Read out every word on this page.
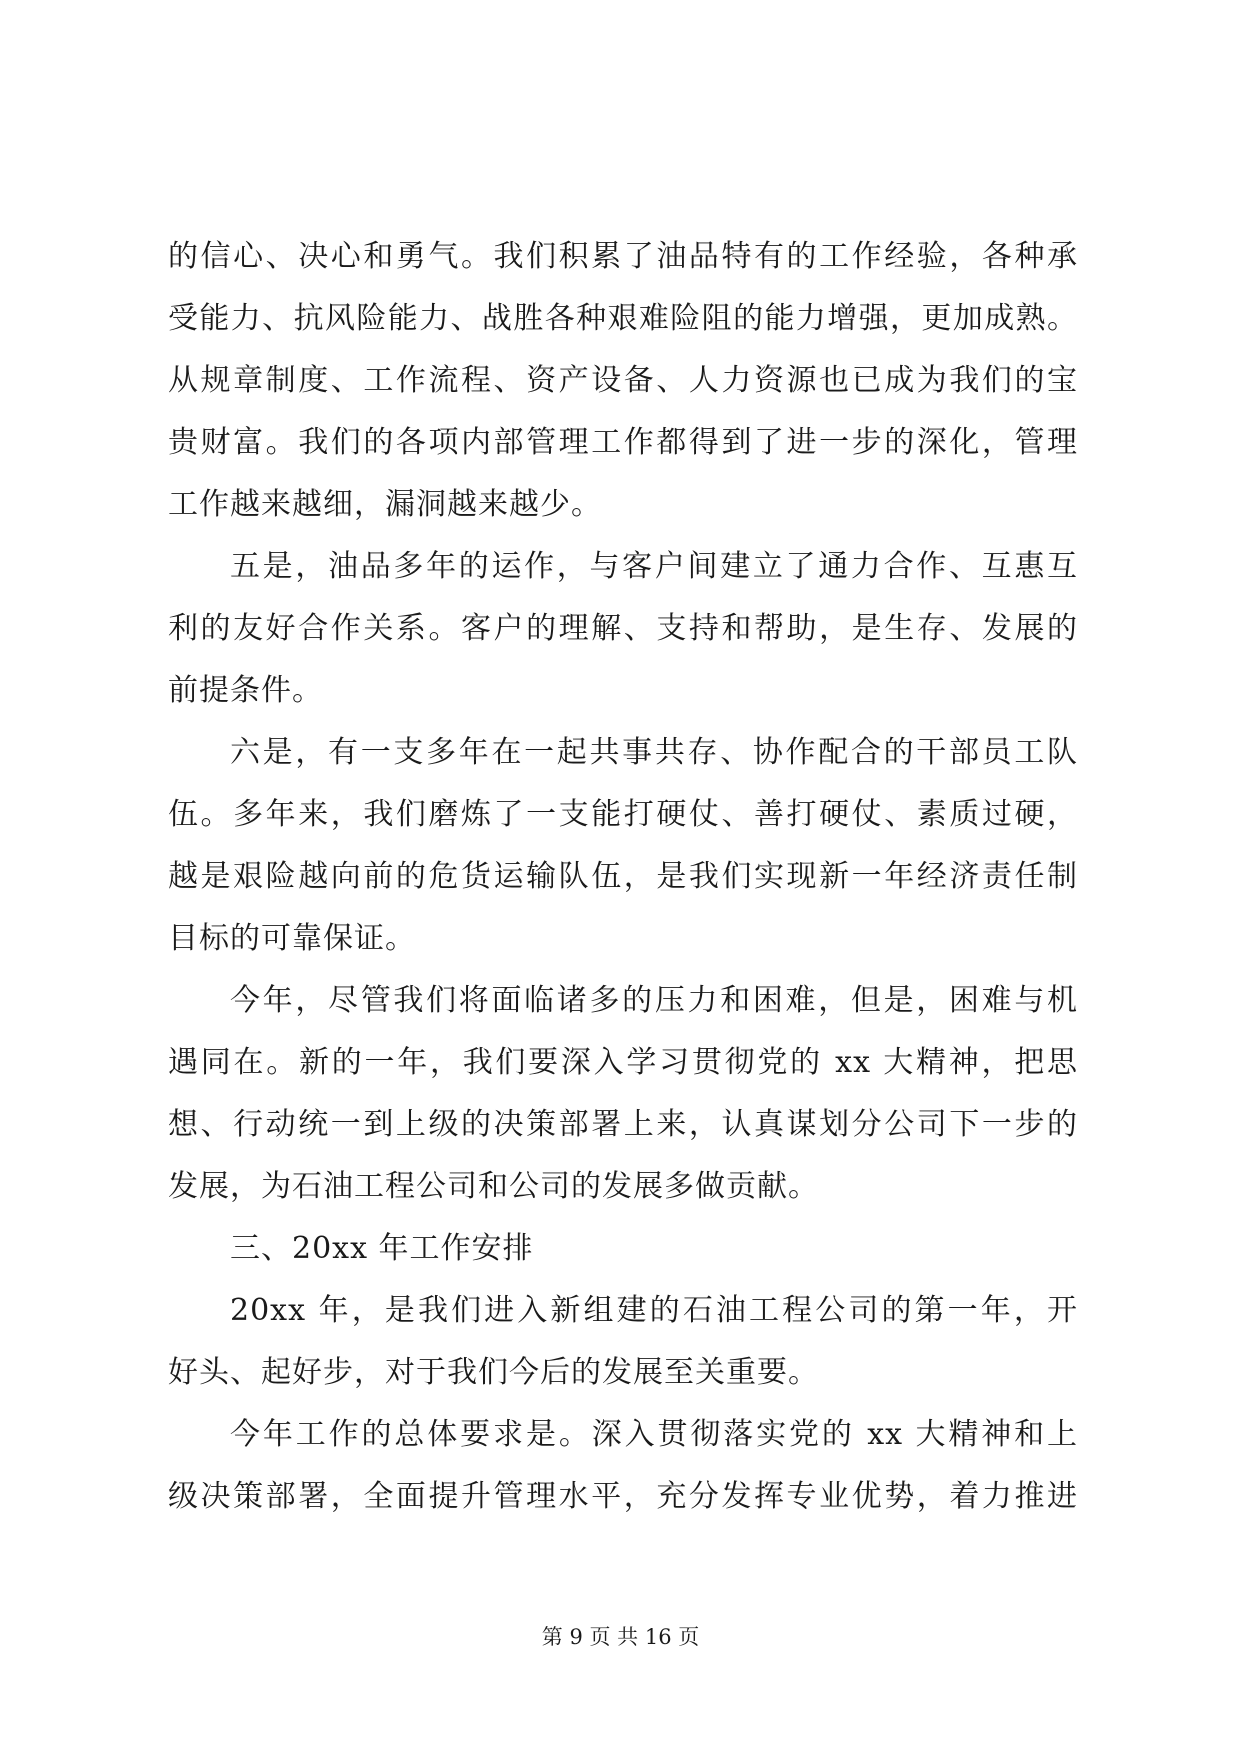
的信心、决心和勇气。我们积累了油品特有的工作经验，各种承
受能力、抗风险能力、战胜各种艰难险阻的能力增强，更加成熟。
从规章制度、工作流程、资产设备、人力资源也已成为我们的宝
贵财富。我们的各项内部管理工作都得到了进一步的深化，管理
工作越来越细，漏洞越来越少。
五是，油品多年的运作，与客户间建立了通力合作、互惠互
利的友好合作关系。客户的理解、支持和帮助，是生存、发展的
前提条件。
六是，有一支多年在一起共事共存、协作配合的干部员工队
伍。多年来，我们磨炼了一支能打硬仗、善打硬仗、素质过硬，
越是艰险越向前的危货运输队伍，是我们实现新一年经济责任制
目标的可靠保证。
今年，尽管我们将面临诸多的压力和困难，但是，困难与机
遇同在。新的一年，我们要深入学习贯彻党的 xx 大精神，把思
想、行动统一到上级的决策部署上来，认真谋划分公司下一步的
发展，为石油工程公司和公司的发展多做贡献。
三、20xx 年工作安排
20xx 年，是我们进入新组建的石油工程公司的第一年，开
好头、起好步，对于我们今后的发展至关重要。
今年工作的总体要求是。深入贯彻落实党的 xx 大精神和上
级决策部署，全面提升管理水平，充分发挥专业优势，着力推进
第 9 页 共 16 页
